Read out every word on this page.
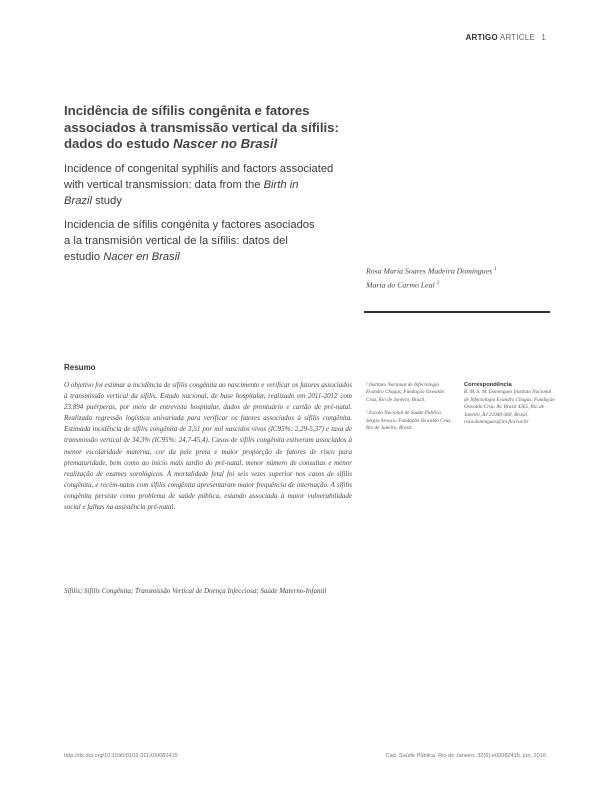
ARTIGO ARTICLE 1
Incidência de sífilis congênita e fatores
associados à transmissão vertical da sífilis:
dados do estudo Nascer no Brasil
Incidence of congenital syphilis and factors associated
with vertical transmission: data from the Birth in
Brazil study
Incidencia de sífilis congénita y factores asociados
a la transmisión vertical de la sífilis: datos del
estudio Nacer en Brasil
Rosa Maria Soares Madeira Domingues $^1$
Maria do Carmo Leal $^2$
Resumo
O objetivo foi estimar a incidência de sífilis congênita ao nascimento e verificar os fatores associados à transmissão vertical da sífilis. Estudo nacional, de base hospitalar, realizado em 2011-2012 com 23.894 puérperas, por meio de entrevista hospitalar, dados de prontuário e cartão de pré-natal. Realizada regressão logística univariada para verificar os fatores associados à sífilis congênita. Estimada incidência de sífilis congênita de 3,51 por mil nascidos vivos (IC95%: 2,29-5,37) e taxa de transmissão vertical de 34,3% (IC95%: 24,7-45,4). Casos de sífilis congênita estiveram associados à menor escolaridade materna, cor da pele preta e maior proporção de fatores de risco para prematuridade, bem como ao início mais tardio do pré-natal, menor número de consultas e menor realização de exames sorológicos. A mortalidade fetal foi seis vezes superior nos casos de sífilis congênita, e recém-natos com sífilis congênita apresentaram maior frequência de internação. A sífilis congênita persiste como problema de saúde pública, estando associada à maior vulnerabilidade social e falhas na assistência pré-natal.
Sífilis; Sífilis Congênita; Transmissão Vertical de Doença Infecciosa; Saúde Materno-Infantil
¹ Instituto Nacional de Infectologia Evandro Chagas, Fundação Oswaldo Cruz, Rio de Janeiro, Brasil.
² Escola Nacional de Saúde Pública Sergio Arouca, Fundação Oswaldo Cruz, Rio de Janeiro, Brasil.
Correspondência
R. M. S. M. Domingues Instituto Nacional de Infectologia Evandro Chagas, Fundação Oswaldo Cruz. Av. Brasil 4365, Rio de Janeiro, RJ 21040-360, Brasil. rosa.domingues@ini.fiocruz.br
http://dx.doi.org/10.1590/0102-311X00082415	Cad. Saúde Pública, Rio de Janeiro, 32(6):e00082415, jun, 2016
